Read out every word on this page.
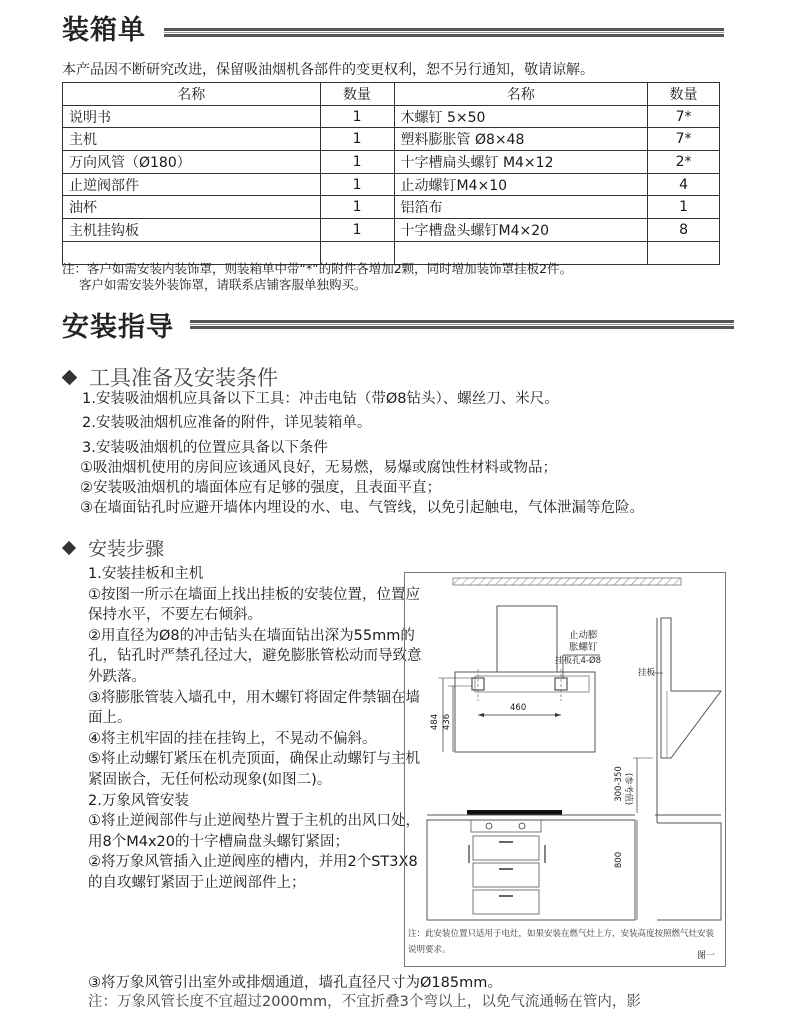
装箱单
本产品因不断研究改进，保留吸油烟机各部件的变更权利，恕不另行通知，敬请谅解。
名称	数量	名称	数量
说明书	1	木螺钉 5×50	7*
主机	1	塑料膨胀管 Ø8×48	7*
万向风管（Ø180）	1	十字槽扁头螺钉 M4×12	2*
止逆阀部件	1	止动螺钉M4×10	4
油杯	1	铝箔布	1
主机挂钩板	1	十字槽盘头螺钉M4×20	8

注：客户如需安装内装饰罩，则装箱单中带“*”的附件各增加2颗，同时增加装饰罩挂板2件。
客户如需安装外装饰罩，请联系店铺客服单独购买。
安装指导
工具准备及安装条件
1.安装吸油烟机应具备以下工具：冲击电钻（带Ø8钻头）、螺丝刀、米尺。
2.安装吸油烟机应准备的附件，详见装箱单。
3.安装吸油烟机的位置应具备以下条件
①吸油烟机使用的房间应该通风良好，无易燃，易爆或腐蚀性材料或物品；
②安装吸油烟机的墙面体应有足够的强度，且表面平直；
③在墙面钻孔时应避开墙体内埋设的水、电、气管线，以免引起触电，气体泄漏等危险。
安装步骤
1.安装挂板和主机
①按图一所示在墙面上找出挂板的安装位置，位置应保持水平，不要左右倾斜。
②用直径为Ø8的冲击钻头在墙面钻出深为55mm的孔，钻孔时严禁孔径过大，避免膨胀管松动而导致意外跌落。
③将膨胀管装入墙孔中，用木螺钉将固定件禁锢在墙面上。
④将主机牢固的挂在挂钩上，不晃动不偏斜。
⑤将止动螺钉紧压在机壳顶面，确保止动螺钉与主机紧固嵌合，无任何松动现象(如图二)。
2.万象风管安装
①将止逆阀部件与止逆阀垫片置于主机的出风口处，用8个M4x20的十字槽扁盘头螺钉紧固；
②将万象风管插入止逆阀座的槽内，并用2个ST3X8的自攻螺钉紧固于止逆阀部件上；
③将万象风管引出室外或排烟通道，墙孔直径尺寸为Ø185mm。
注：万象风管长度不宜超过2000mm，不宜折叠3个弯以上，以免气流通畅在管内，影
止动膨
胀螺钉
挂板孔4-Ø8
挂板
460
484 436
300-350 (参考值)
800
图一
注：此安装位置只适用于电灶，如果安装在燃气灶上方，安装高度按照燃气灶安装说明要求。
